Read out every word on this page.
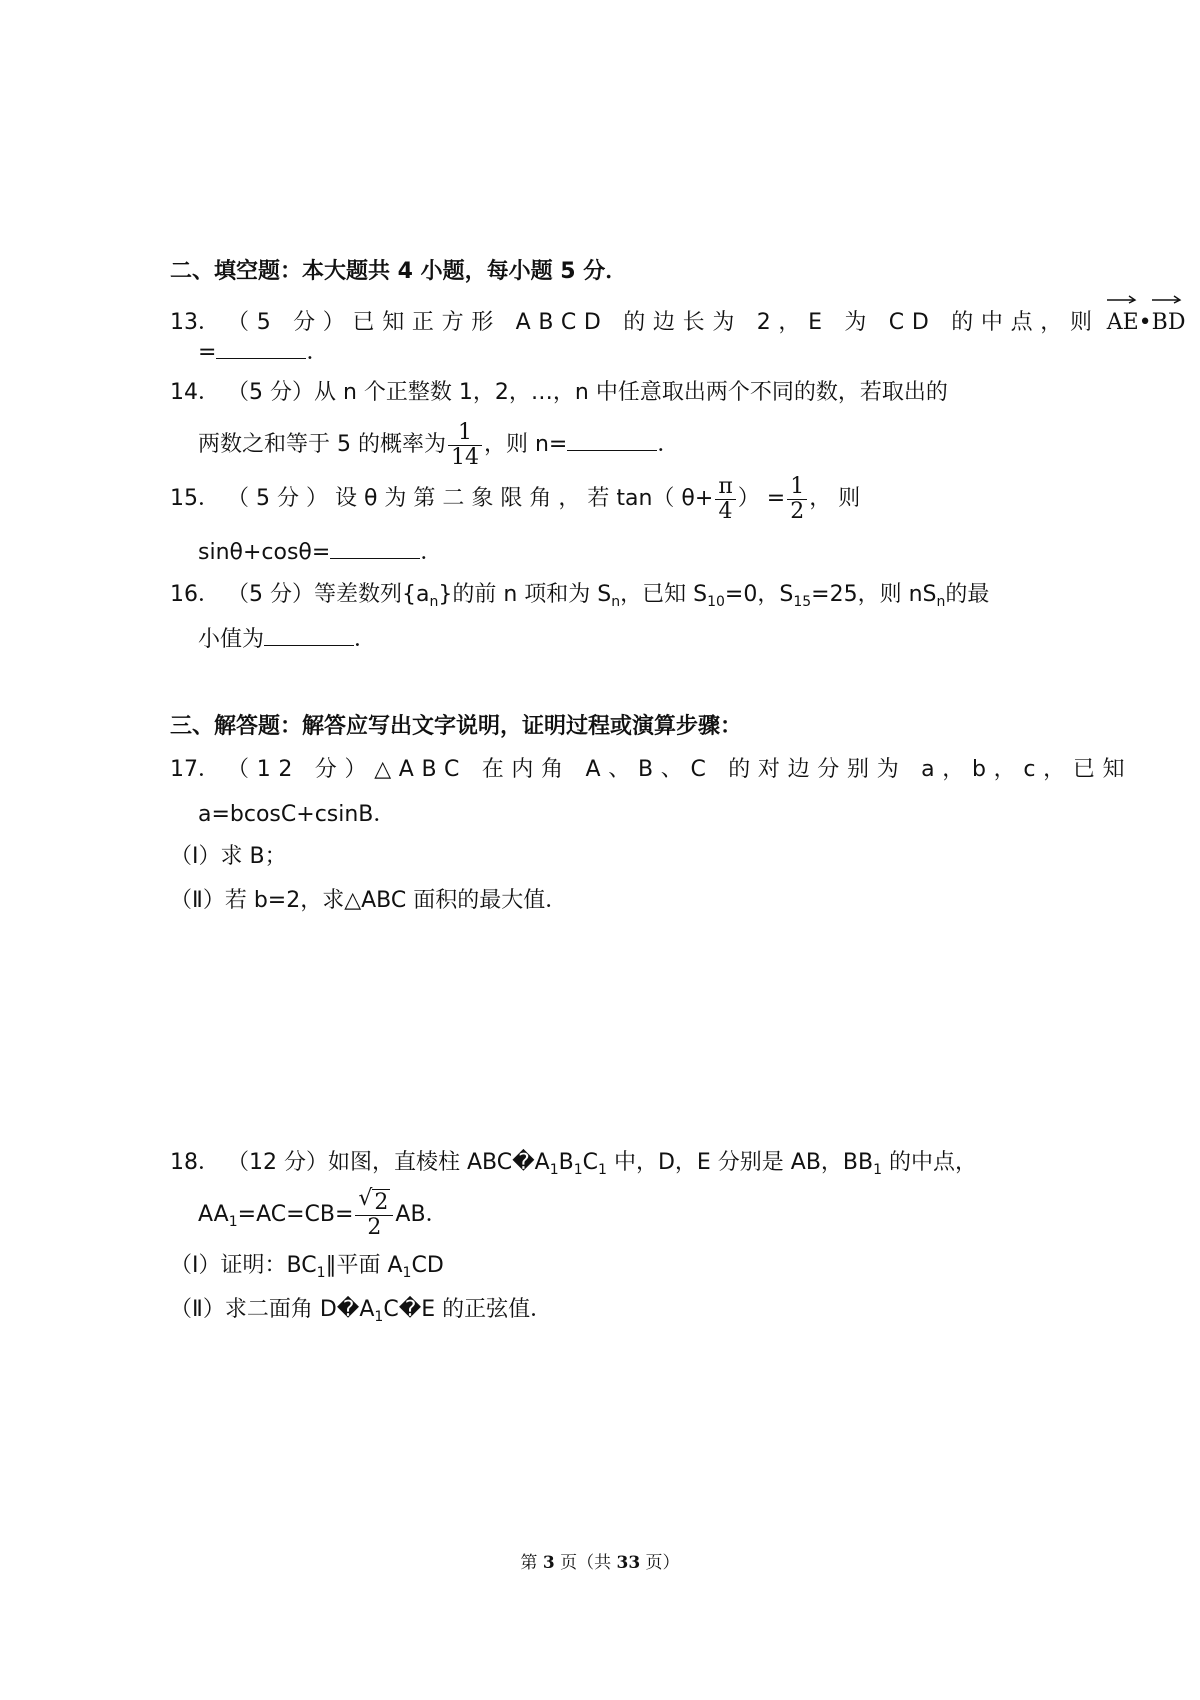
二、填空题：本大题共 4 小题，每小题 5 分．
13． （5 分）已知正方形 ABCD 的边长为 2，E 为 CD 的中点，则 AE•
BD
=	．
14． （5 分）从 n 个正整数 1，2，…，n 中任意取出两个不同的数，若取出的
两数之和等于 5 的概率为 $\frac{1}{14}$ ，则 n=	．
15． （ 5 分 ） 设 θ 为 第 二 象 限 角 ， 若 tan（ $\theta+ \frac{\pi}{4}$ ） = $\frac{1}{2}$ ， 则
sinθ+cosθ=	．
16． （5 分）等差数列$\{a_n\}$的前 n 项和为 $S_n$，已知 $S_{10}=0$，$S_{15}=25$，则 $nS_n$的最
小值为	．
三、解答题：解答应写出文字说明，证明过程或演算步骤：
17． （12 分）△ABC 在内角 A、B、C 的对边分别为 a，b，c，已知
a=bcosC+csinB．
（Ⅰ）求 B；
（Ⅱ）若 b=2，求△ABC 面积的最大值．
18． （12 分）如图，直棱柱 $ABC�A_1B_1C_1$ 中，D，E 分别是 AB，$BB_1$ 的中点，
$AA_1=AC=CB= \frac{√ 2}{2}$ AB．
（Ⅰ）证明：$BC_1\parallel$平面 $A_1CD$
（Ⅱ）求二面角 $D�A_1C�E$ 的正弦值．
第 3 页（共 33 页）
